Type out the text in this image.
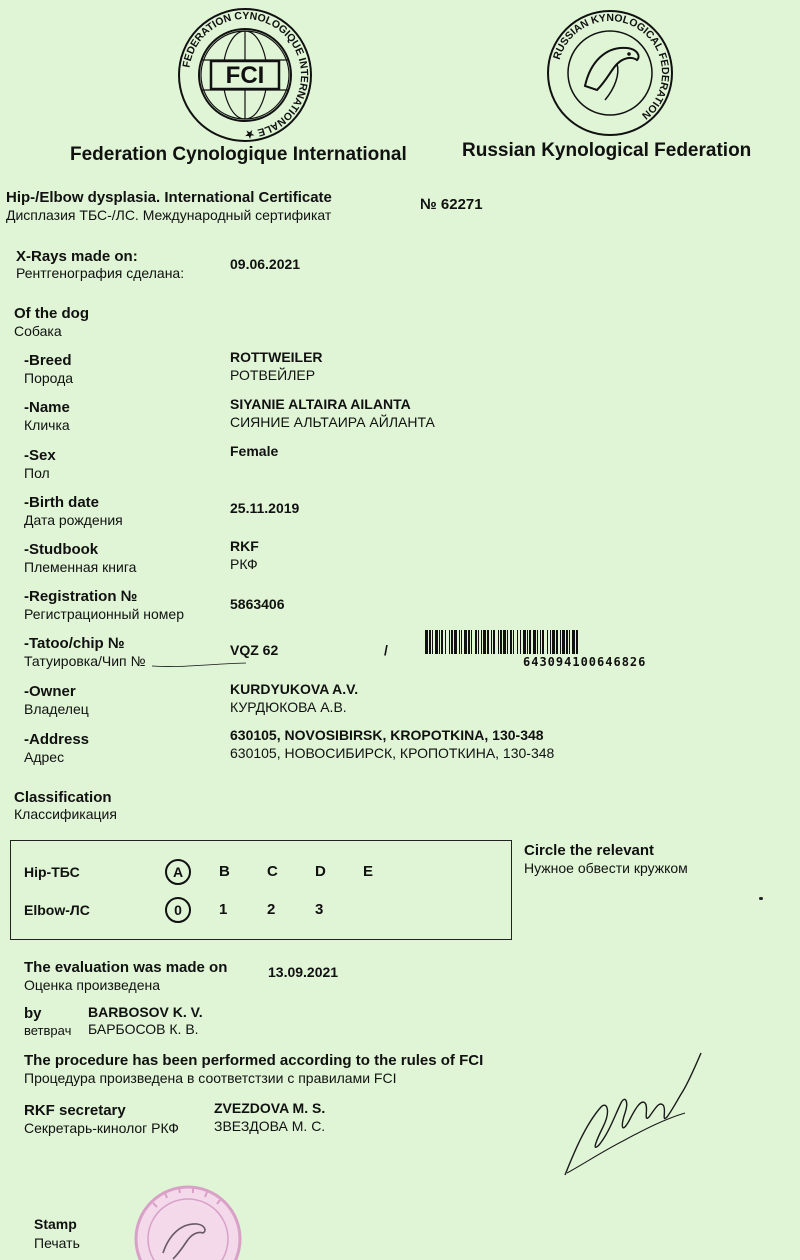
FEDERATION CYNOLOGIQUE INTERNATIONALE ★
FCI
RUSSIAN KYNOLOGICAL FEDERATION
Federation Cynologique International	Russian Kynological Federation
Hip-/Elbow dysplasia. International Certificate
Дисплазия ТБС-/ЛС. Международный сертификат
№ 62271
X-Rays made on:
Рентгенография сделана:
09.06.2021
Of the dog
Собака
-Breed
Порода
ROTTWEILER
РОТВЕЙЛЕР
-Name
Кличка
SIYANIE ALTAIRA AILANTA
СИЯНИЕ АЛЬТАИРА АЙЛАНТА
-Sex
Пол
Female
-Birth date
Дата рождения
25.11.2019
-Studbook
Племенная книга
RKF
РКФ
-Registration №
Регистрационный номер
5863406
-Tatoo/chip №
Татуировка/Чип №
VQZ 62	/
643094100646826
-Owner
Владелец
KURDYUKOVA A.V.
КУРДЮКОВА А.В.
-Address
Адрес
630105, NOVOSIBIRSK, KROPOTKINA, 130-348
630105, НОВОСИБИРСК, КРОПОТКИНА, 130-348
Classification
Классификация
Hip-ТБС	A	B	C	D	E
Elbow-ЛС	0	1	2	3
Circle the relevant
Нужное обвести кружком
The evaluation was made on
Оценка произведена
13.09.2021
by	BARBOSOV K. V.
ветврач БАРБОСОВ К. В.
The procedure has been performed according to the rules of FCI
Процедура произведена в соответстзии с правилами FCI
RKF secretary
Секретарь-кинолог РКФ
ZVEZDOVA M. S.
ЗВЕЗДОВА М. С.
Stamp
Печать
